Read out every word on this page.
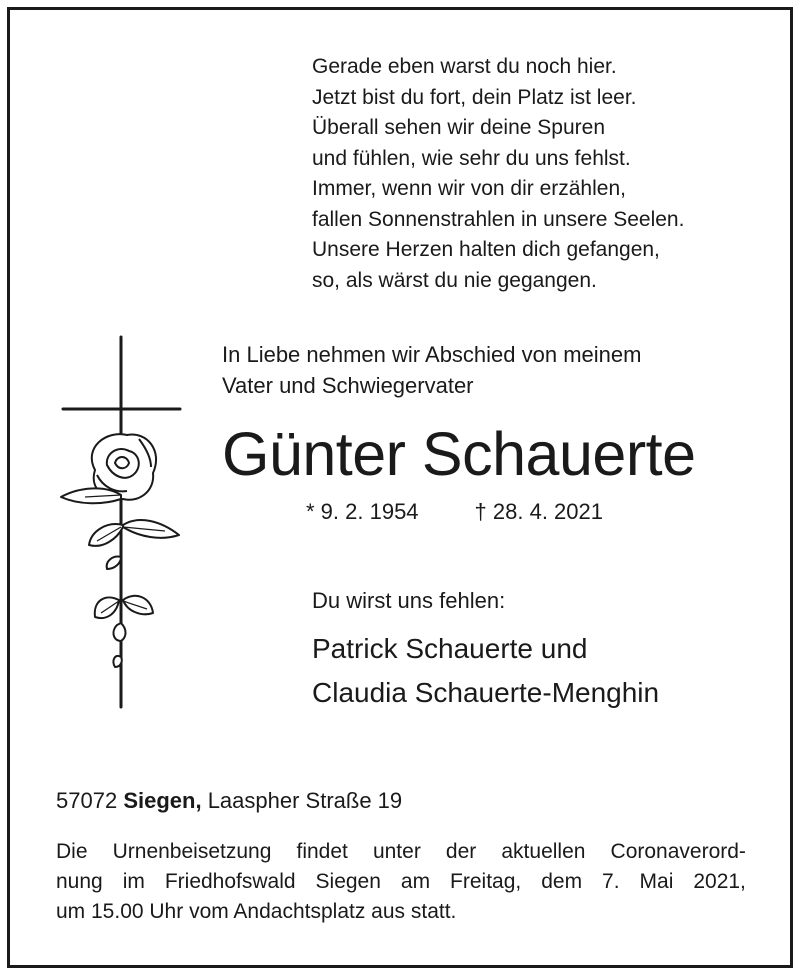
Gerade eben warst du noch hier.
Jetzt bist du fort, dein Platz ist leer.
Überall sehen wir deine Spuren
und fühlen, wie sehr du uns fehlst.
Immer, wenn wir von dir erzählen,
fallen Sonnenstrahlen in unsere Seelen.
Unsere Herzen halten dich gefangen,
so, als wärst du nie gegangen.
In Liebe nehmen wir Abschied von meinem
Vater und Schwiegervater
Günter Schauerte
* 9. 2. 1954	† 28. 4. 2021
Du wirst uns fehlen:
Patrick Schauerte und
Claudia Schauerte-Menghin
57072 Siegen, Laaspher Straße 19
Die Urnenbeisetzung findet unter der aktuellen Coronaverord-
nung im Friedhofswald Siegen am Freitag, dem 7. Mai 2021,
um 15.00 Uhr vom Andachtsplatz aus statt.
